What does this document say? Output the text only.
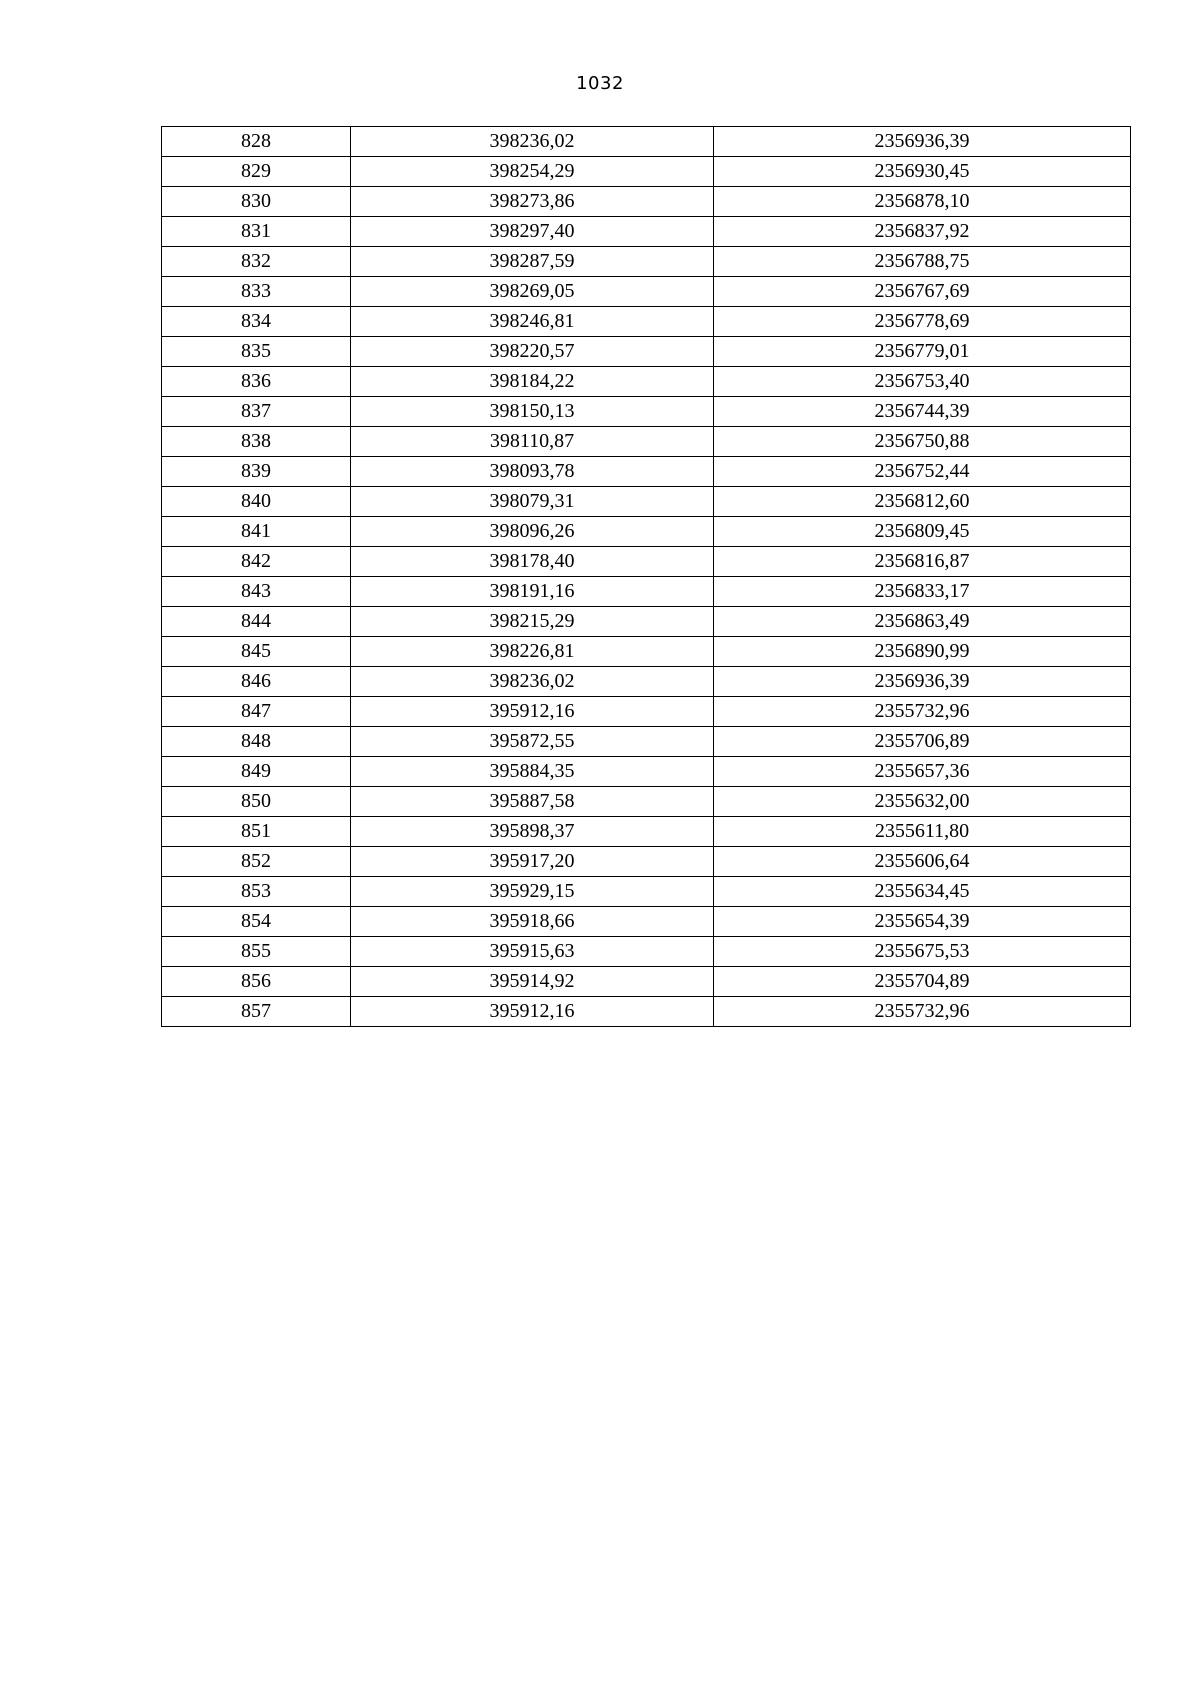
1032
828	398236,02	2356936,39
829	398254,29	2356930,45
830	398273,86	2356878,10
831	398297,40	2356837,92
832	398287,59	2356788,75
833	398269,05	2356767,69
834	398246,81	2356778,69
835	398220,57	2356779,01
836	398184,22	2356753,40
837	398150,13	2356744,39
838	398110,87	2356750,88
839	398093,78	2356752,44
840	398079,31	2356812,60
841	398096,26	2356809,45
842	398178,40	2356816,87
843	398191,16	2356833,17
844	398215,29	2356863,49
845	398226,81	2356890,99
846	398236,02	2356936,39
847	395912,16	2355732,96
848	395872,55	2355706,89
849	395884,35	2355657,36
850	395887,58	2355632,00
851	395898,37	2355611,80
852	395917,20	2355606,64
853	395929,15	2355634,45
854	395918,66	2355654,39
855	395915,63	2355675,53
856	395914,92	2355704,89
857	395912,16	2355732,96
